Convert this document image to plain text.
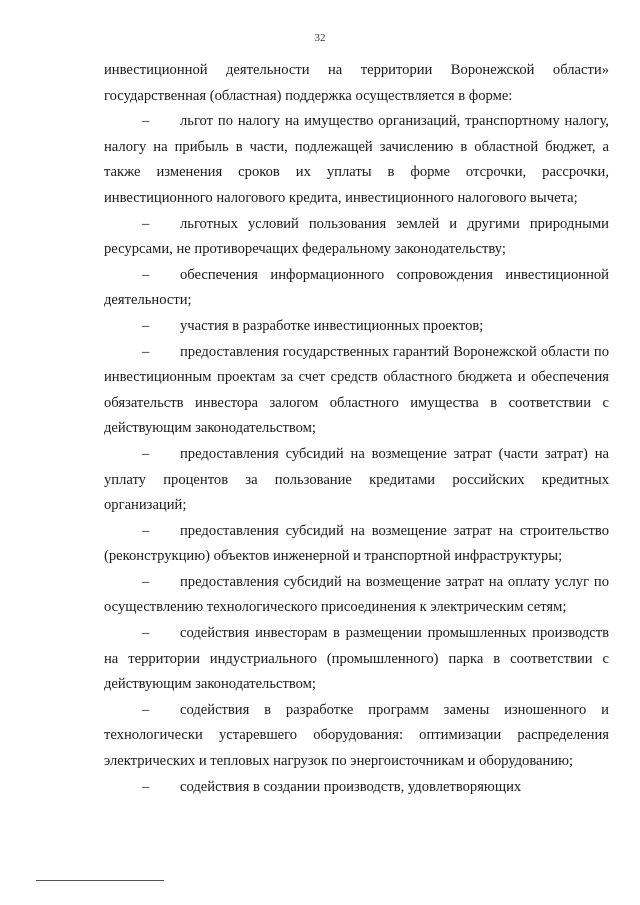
32

инвестиционной деятельности на территории Воронежской области» государственная (областная) поддержка осуществляется в форме:

– льгот по налогу на имущество организаций, транспортному налогу, налогу на прибыль в части, подлежащей зачислению в областной бюджет, а также изменения сроков их уплаты в форме отсрочки, рассрочки, инвестиционного налогового кредита, инвестиционного налогового вычета;

– льготных условий пользования землей и другими природными ресурсами, не противоречащих федеральному законодательству;

– обеспечения информационного сопровождения инвестиционной деятельности;

– участия в разработке инвестиционных проектов;

– предоставления государственных гарантий Воронежской области по инвестиционным проектам за счет средств областного бюджета и обеспечения обязательств инвестора залогом областного имущества в соответствии с действующим законодательством;

– предоставления субсидий на возмещение затрат (части затрат) на уплату процентов за пользование кредитами российских кредитных организаций;

– предоставления субсидий на возмещение затрат на строительство (реконструкцию) объектов инженерной и транспортной инфраструктуры;

– предоставления субсидий на возмещение затрат на оплату услуг по осуществлению технологического присоединения к электрическим сетям;

– содействия инвесторам в размещении промышленных производств на территории индустриального (промышленного) парка в соответствии с действующим законодательством;

– содействия в разработке программ замены изношенного и технологически устаревшего оборудования: оптимизации распределения электрических и тепловых нагрузок по энергоисточникам и оборудованию;

– содействия в создании производств, удовлетворяющих
